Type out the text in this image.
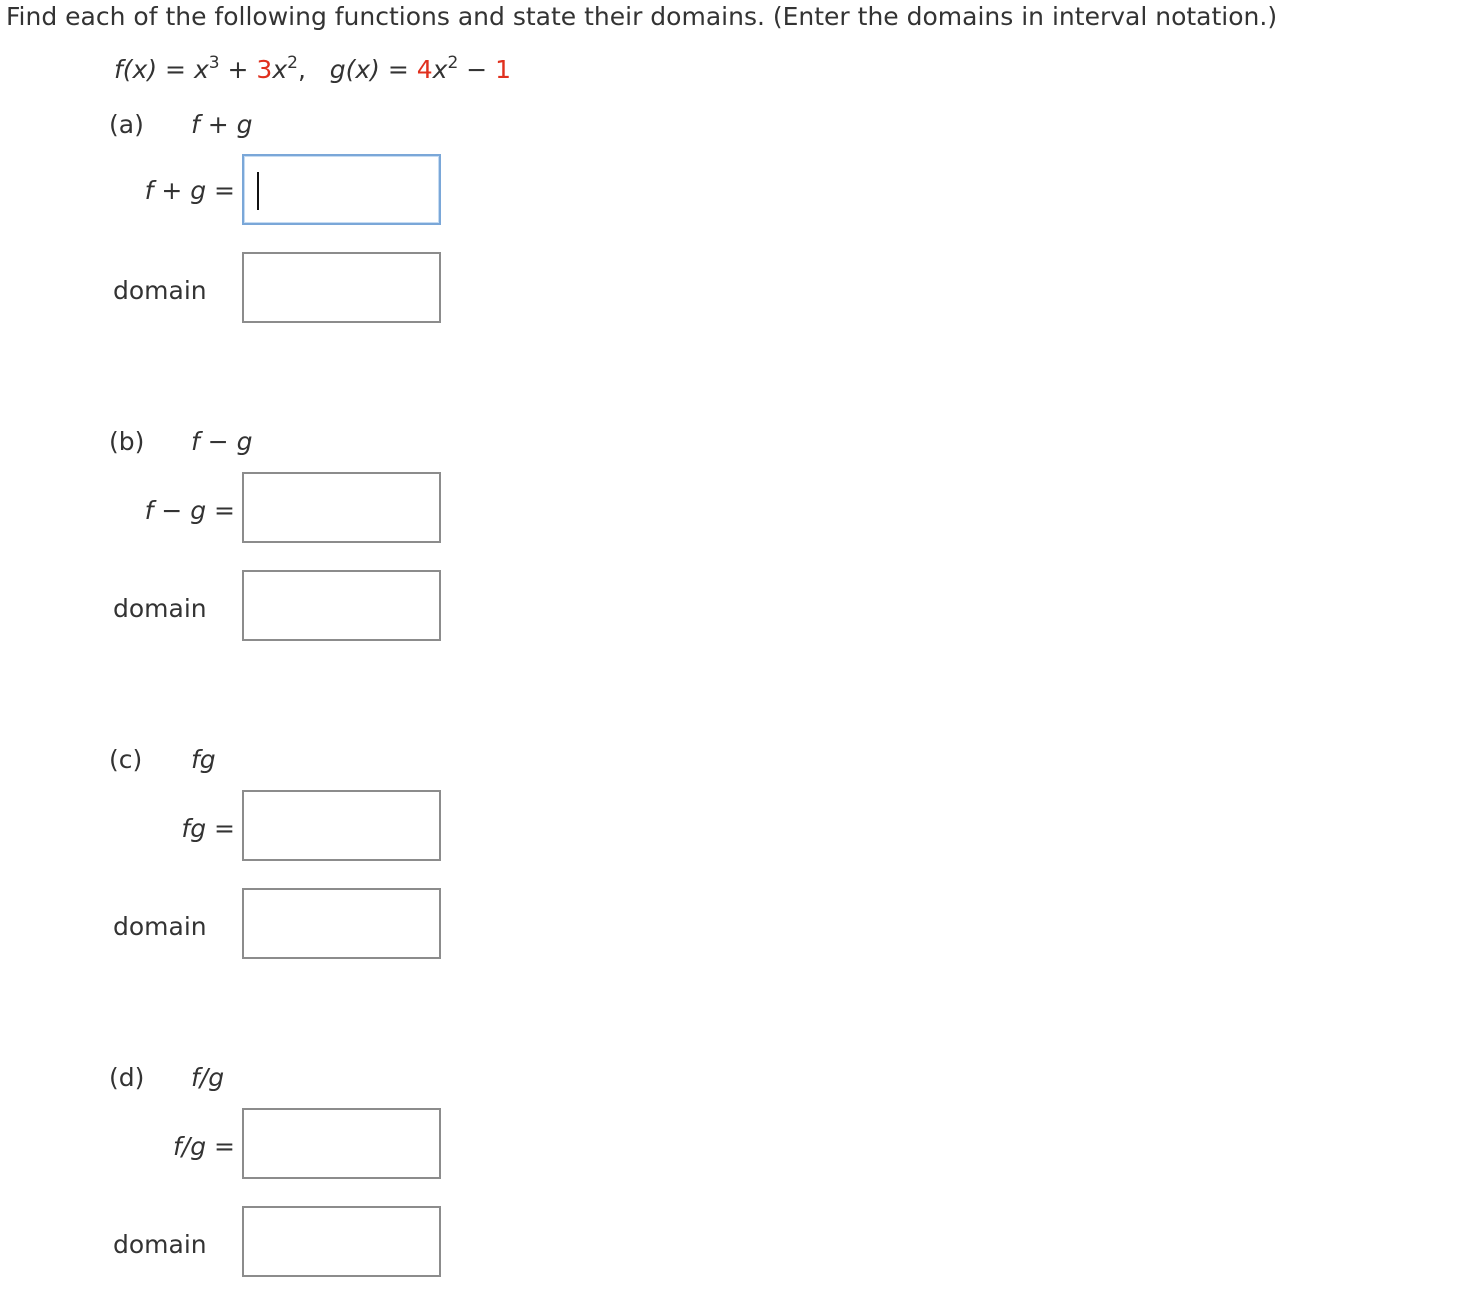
Find each of the following functions and state their domains. (Enter the domains in interval notation.)
$f(x) = x^3 + 3x^2$,   $g(x) = 4x^2 - 1$
(a) f + g
f + g =
domain
(b) f − g
f − g =
domain
(c) fg
fg =
domain
(d) f/g
f/g =
domain
